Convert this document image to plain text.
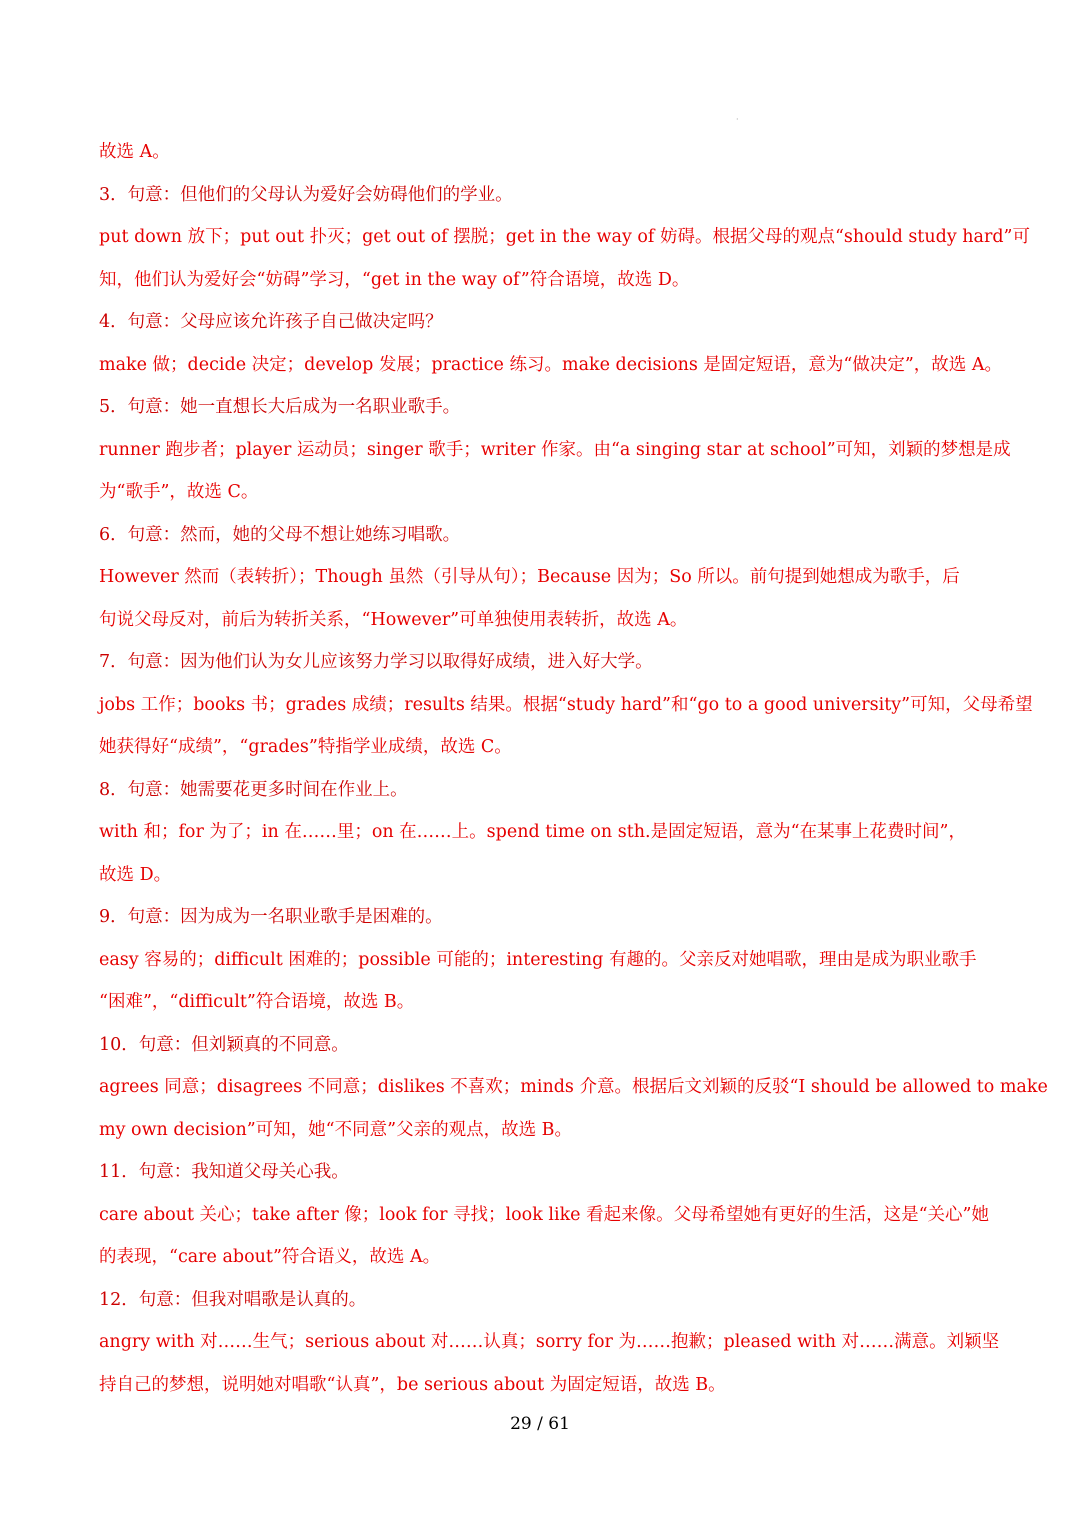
·
故选 A。
3．句意：但他们的父母认为爱好会妨碍他们的学业。
put down 放下；put out 扑灭；get out of 摆脱；get in the way of 妨碍。根据父母的观点“should study hard”可
知，他们认为爱好会“妨碍”学习，“get in the way of”符合语境，故选 D。
4．句意：父母应该允许孩子自己做决定吗？
make 做；decide 决定；develop 发展；practice 练习。make decisions 是固定短语，意为“做决定”，故选 A。
5．句意：她一直想长大后成为一名职业歌手。
runner 跑步者；player 运动员；singer 歌手；writer 作家。由“a singing star at school”可知，刘颖的梦想是成
为“歌手”，故选 C。
6．句意：然而，她的父母不想让她练习唱歌。
However 然而（表转折）；Though 虽然（引导从句）；Because 因为；So 所以。前句提到她想成为歌手，后
句说父母反对，前后为转折关系，“However”可单独使用表转折，故选 A。
7．句意：因为他们认为女儿应该努力学习以取得好成绩，进入好大学。
jobs 工作；books 书；grades 成绩；results 结果。根据“study hard”和“go to a good university”可知，父母希望
她获得好“成绩”，“grades”特指学业成绩，故选 C。
8．句意：她需要花更多时间在作业上。
with 和；for 为了；in 在……里；on 在……上。spend time on sth.是固定短语，意为“在某事上花费时间”，
故选 D。
9．句意：因为成为一名职业歌手是困难的。
easy 容易的；difficult 困难的；possible 可能的；interesting 有趣的。父亲反对她唱歌，理由是成为职业歌手
“困难”，“difficult”符合语境，故选 B。
10．句意：但刘颖真的不同意。
agrees 同意；disagrees 不同意；dislikes 不喜欢；minds 介意。根据后文刘颖的反驳“I should be allowed to make
my own decision”可知，她“不同意”父亲的观点，故选 B。
11．句意：我知道父母关心我。
care about 关心；take after 像；look for 寻找；look like 看起来像。父母希望她有更好的生活，这是“关心”她
的表现，“care about”符合语义，故选 A。
12．句意：但我对唱歌是认真的。
angry with 对……生气；serious about 对……认真；sorry for 为……抱歉；pleased with 对……满意。刘颖坚
持自己的梦想，说明她对唱歌“认真”，be serious about 为固定短语，故选 B。
29 / 61
